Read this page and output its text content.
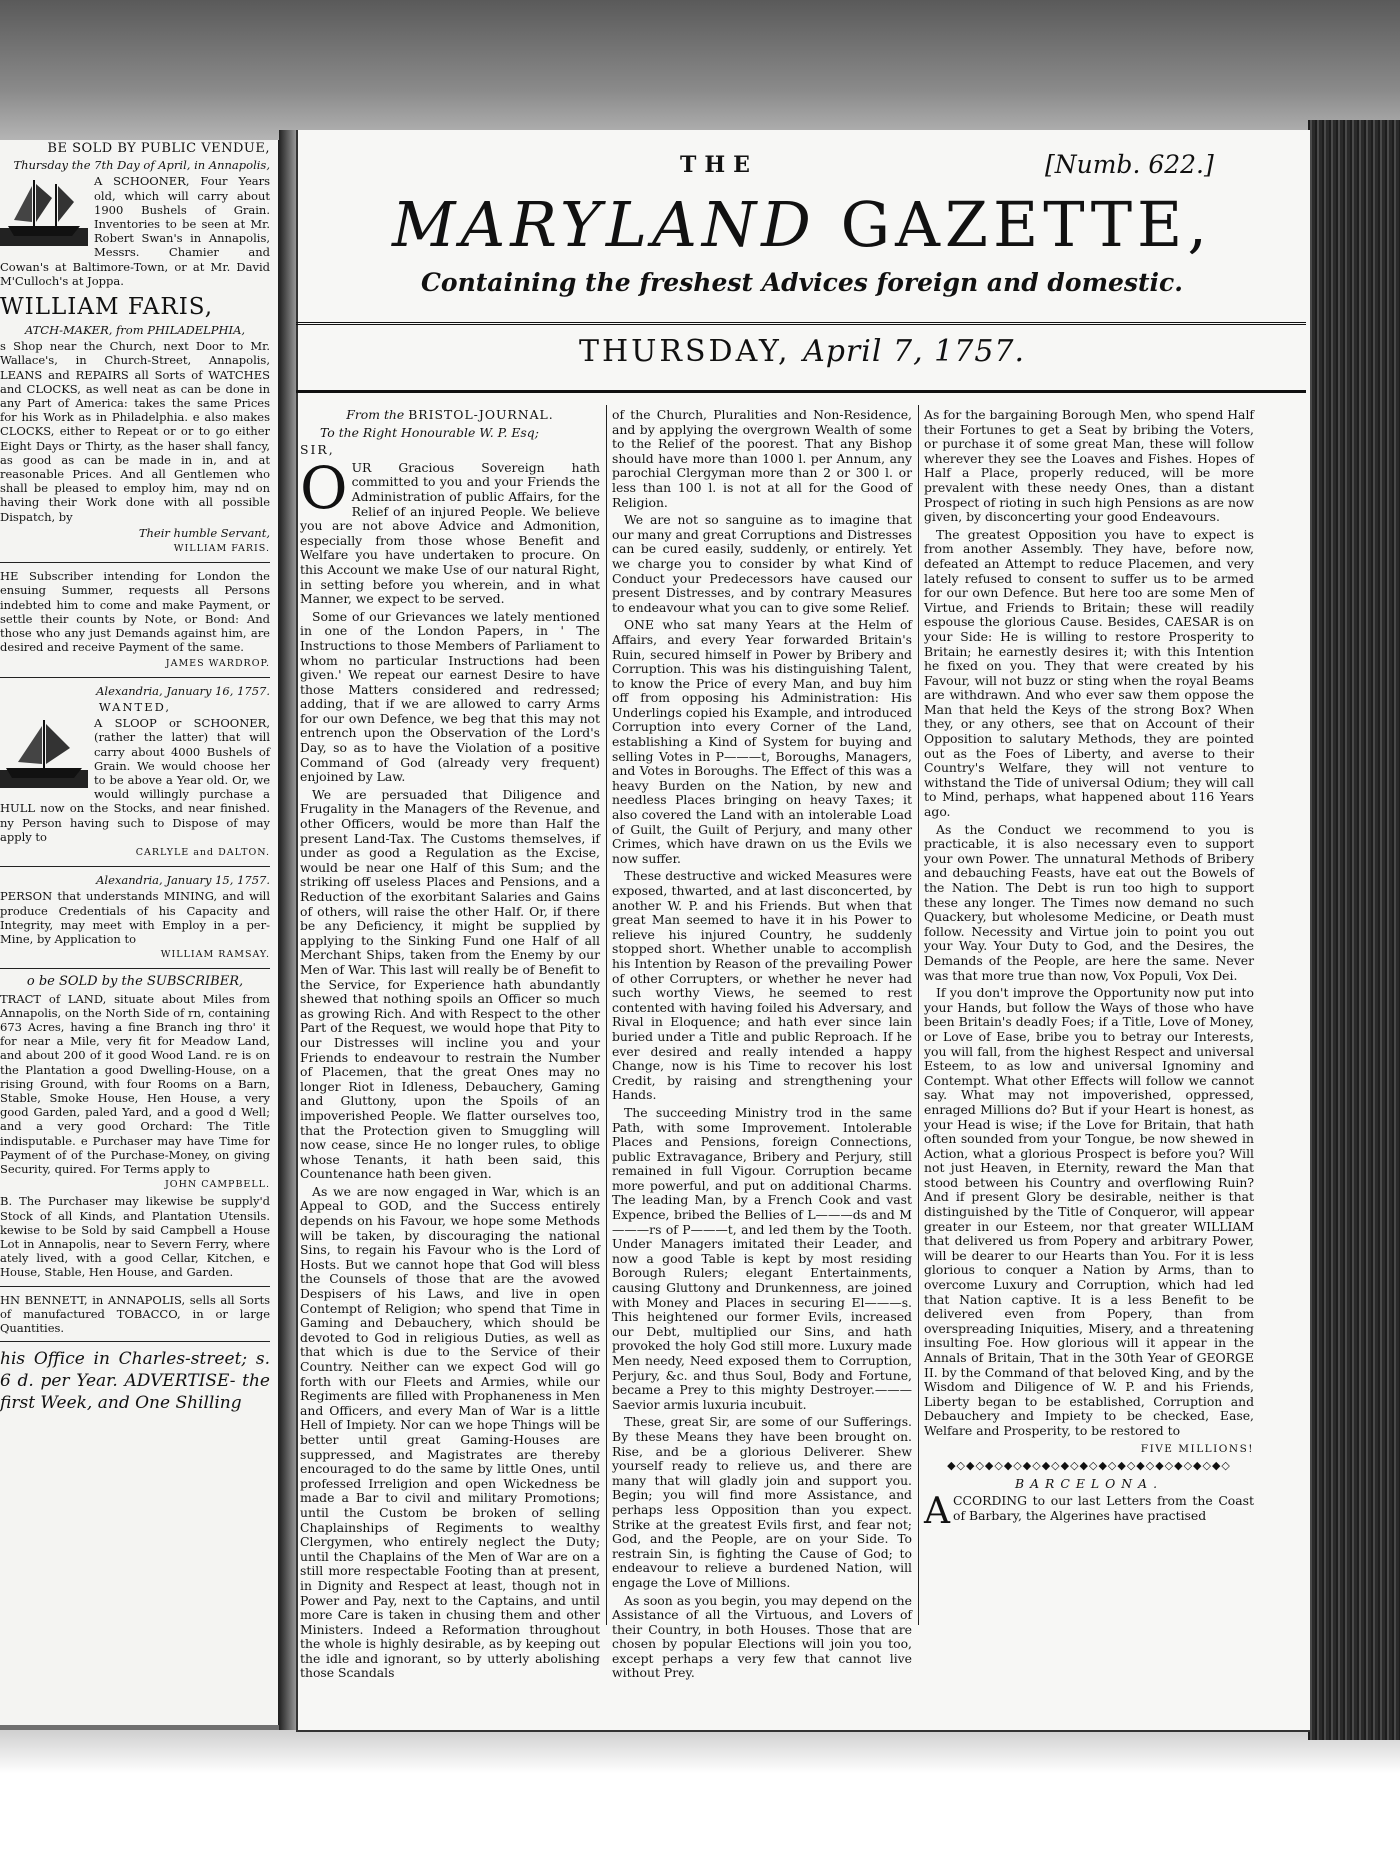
BE SOLD BY PUBLIC VENDUE,

Thursday the 7th Day of April, in Annapolis,

A SCHOONER, Four Years old, which will carry about 1900 Bushels of Grain. Inventories to be seen at Mr. Robert Swan's in Annapolis, Messrs. Chamier and Cowan's at Baltimore-Town, or at Mr. David M'Culloch's at Joppa.

WILLIAM FARIS,

ATCH-MAKER, from PHILADELPHIA,

s Shop near the Church, next Door to Mr. Wallace's, in Church-Street, Annapolis, LEANS and REPAIRS all Sorts of WATCHES and CLOCKS, as well neat as can be done in any Part of America: takes the same Prices for his Work as in Philadelphia. e also makes CLOCKS, either to Repeat or or to go either Eight Days or Thirty, as the haser shall fancy, as good as can be made in in, and at reasonable Prices. And all Gentlemen who shall be pleased to employ him, may nd on having their Work done with all possible Dispatch, by

Their humble Servant,

WILLIAM FARIS.

HE Subscriber intending for London the ensuing Summer, requests all Persons indebted him to come and make Payment, or settle their counts by Note, or Bond: And those who any just Demands against him, are desired and receive Payment of the same.

JAMES WARDROP.

Alexandria, January 16, 1757.

WANTED,

A SLOOP or SCHOONER, (rather the latter) that will carry about 4000 Bushels of Grain. We would choose her to be above a Year old. Or, we would willingly purchase a HULL now on the Stocks, and near finished. ny Person having such to Dispose of may apply to

CARLYLE and DALTON.

Alexandria, January 15, 1757.

PERSON that understands MINING, and will produce Credentials of his Capacity and Integrity, may meet with Employ in a per-Mine, by Application to

WILLIAM RAMSAY.

o be SOLD by the SUBSCRIBER,

TRACT of LAND, situate about Miles from Annapolis, on the North Side of rn, containing 673 Acres, having a fine Branch ing thro' it for near a Mile, very fit for Meadow Land, and about 200 of it good Wood Land. re is on the Plantation a good Dwelling-House, on a rising Ground, with four Rooms on a Barn, Stable, Smoke House, Hen House, a very good Garden, paled Yard, and a good d Well; and a very good Orchard: The Title indisputable. e Purchaser may have Time for Payment of of the Purchase-Money, on giving Security, quired. For Terms apply to

JOHN CAMPBELL.

B. The Purchaser may likewise be supply'd Stock of all Kinds, and Plantation Utensils. kewise to be Sold by said Campbell a House Lot in Annapolis, near to Severn Ferry, where ately lived, with a good Cellar, Kitchen, e House, Stable, Hen House, and Garden.

HN BENNETT, in ANNAPOLIS, sells all Sorts of manufactured TOBACCO, in or large Quantities.

his Office in Charles-street; s. 6 d. per Year. ADVERTISE- the first Week, and One Shilling

THE	[Numb. 622.]
MARYLAND GAZETTE,
Containing the freshest Advices foreign and domestic.
THURSDAY, April 7, 1757.

From the BRISTOL-JOURNAL.

To the Right Honourable W. P. Esq;

SIR,

O UR Gracious Sovereign hath committed to you and your Friends the Administration of public Affairs, for the Relief of an injured People. We believe you are not above Advice and Admonition, especially from those whose Benefit and Welfare you have undertaken to procure. On this Account we make Use of our natural Right, in setting before you wherein, and in what Manner, we expect to be served.

Some of our Grievances we lately mentioned in one of the London Papers, in ' The Instructions to those Members of Parliament to whom no particular Instructions had been given.' We repeat our earnest Desire to have those Matters considered and redressed; adding, that if we are allowed to carry Arms for our own Defence, we beg that this may not entrench upon the Observation of the Lord's Day, so as to have the Violation of a positive Command of God (already very frequent) enjoined by Law.

We are persuaded that Diligence and Frugality in the Managers of the Revenue, and other Officers, would be more than Half the present Land-Tax. The Customs themselves, if under as good a Regulation as the Excise, would be near one Half of this Sum; and the striking off useless Places and Pensions, and a Reduction of the exorbitant Salaries and Gains of others, will raise the other Half. Or, if there be any Deficiency, it might be supplied by applying to the Sinking Fund one Half of all Merchant Ships, taken from the Enemy by our Men of War. This last will really be of Benefit to the Service, for Experience hath abundantly shewed that nothing spoils an Officer so much as growing Rich. And with Respect to the other Part of the Request, we would hope that Pity to our Distresses will incline you and your Friends to endeavour to restrain the Number of Placemen, that the great Ones may no longer Riot in Idleness, Debauchery, Gaming and Gluttony, upon the Spoils of an impoverished People. We flatter ourselves too, that the Protection given to Smuggling will now cease, since He no longer rules, to oblige whose Tenants, it hath been said, this Countenance hath been given.

As we are now engaged in War, which is an Appeal to GOD, and the Success entirely depends on his Favour, we hope some Methods will be taken, by discouraging the national Sins, to regain his Favour who is the Lord of Hosts. But we cannot hope that God will bless the Counsels of those that are the avowed Despisers of his Laws, and live in open Contempt of Religion; who spend that Time in Gaming and Debauchery, which should be devoted to God in religious Duties, as well as that which is due to the Service of their Country. Neither can we expect God will go forth with our Fleets and Armies, while our Regiments are filled with Prophaneness in Men and Officers, and every Man of War is a little Hell of Impiety. Nor can we hope Things will be better until great Gaming-Houses are suppressed, and Magistrates are thereby encouraged to do the same by little Ones, until professed Irreligion and open Wickedness be made a Bar to civil and military Promotions; until the Custom be broken of selling Chaplainships of Regiments to wealthy Clergymen, who entirely neglect the Duty; until the Chaplains of the Men of War are on a still more respectable Footing than at present, in Dignity and Respect at least, though not in Power and Pay, next to the Captains, and until more Care is taken in chusing them and other Ministers. Indeed a Reformation throughout the whole is highly desirable, as by keeping out the idle and ignorant, so by utterly abolishing those Scandals

of the Church, Pluralities and Non-Residence, and by applying the overgrown Wealth of some to the Relief of the poorest. That any Bishop should have more than 1000 l. per Annum, any parochial Clergyman more than 2 or 300 l. or less than 100 l. is not at all for the Good of Religion.

We are not so sanguine as to imagine that our many and great Corruptions and Distresses can be cured easily, suddenly, or entirely. Yet we charge you to consider by what Kind of Conduct your Predecessors have caused our present Distresses, and by contrary Measures to endeavour what you can to give some Relief.

ONE who sat many Years at the Helm of Affairs, and every Year forwarded Britain's Ruin, secured himself in Power by Bribery and Corruption. This was his distinguishing Talent, to know the Price of every Man, and buy him off from opposing his Administration: His Underlings copied his Example, and introduced Corruption into every Corner of the Land, establishing a Kind of System for buying and selling Votes in P———t, Boroughs, Managers, and Votes in Boroughs. The Effect of this was a heavy Burden on the Nation, by new and needless Places bringing on heavy Taxes; it also covered the Land with an intolerable Load of Guilt, the Guilt of Perjury, and many other Crimes, which have drawn on us the Evils we now suffer.

These destructive and wicked Measures were exposed, thwarted, and at last disconcerted, by another W. P. and his Friends. But when that great Man seemed to have it in his Power to relieve his injured Country, he suddenly stopped short. Whether unable to accomplish his Intention by Reason of the prevailing Power of other Corrupters, or whether he never had such worthy Views, he seemed to rest contented with having foiled his Adversary, and Rival in Eloquence; and hath ever since lain buried under a Title and public Reproach. If he ever desired and really intended a happy Change, now is his Time to recover his lost Credit, by raising and strengthening your Hands.

The succeeding Ministry trod in the same Path, with some Improvement. Intolerable Places and Pensions, foreign Connections, public Extravagance, Bribery and Perjury, still remained in full Vigour. Corruption became more powerful, and put on additional Charms. The leading Man, by a French Cook and vast Expence, bribed the Bellies of L———ds and M———rs of P———t, and led them by the Tooth. Under Managers imitated their Leader, and now a good Table is kept by most residing Borough Rulers; elegant Entertainments, causing Gluttony and Drunkenness, are joined with Money and Places in securing El———s. This heightened our former Evils, increased our Debt, multiplied our Sins, and hath provoked the holy God still more. Luxury made Men needy, Need exposed them to Corruption, Perjury, &c. and thus Soul, Body and Fortune, became a Prey to this mighty Destroyer.——— Saevior armis luxuria incubuit.

These, great Sir, are some of our Sufferings. By these Means they have been brought on. Rise, and be a glorious Deliverer. Shew yourself ready to relieve us, and there are many that will gladly join and support you. Begin; you will find more Assistance, and perhaps less Opposition than you expect. Strike at the greatest Evils first, and fear not; God, and the People, are on your Side. To restrain Sin, is fighting the Cause of God; to endeavour to relieve a burdened Nation, will engage the Love of Millions.

As soon as you begin, you may depend on the Assistance of all the Virtuous, and Lovers of their Country, in both Houses. Those that are chosen by popular Elections will join you too, except perhaps a very few that cannot live without Prey.

As for the bargaining Borough Men, who spend Half their Fortunes to get a Seat by bribing the Voters, or purchase it of some great Man, these will follow wherever they see the Loaves and Fishes. Hopes of Half a Place, properly reduced, will be more prevalent with these needy Ones, than a distant Prospect of rioting in such high Pensions as are now given, by disconcerting your good Endeavours.

The greatest Opposition you have to expect is from another Assembly. They have, before now, defeated an Attempt to reduce Placemen, and very lately refused to consent to suffer us to be armed for our own Defence. But here too are some Men of Virtue, and Friends to Britain; these will readily espouse the glorious Cause. Besides, CAESAR is on your Side: He is willing to restore Prosperity to Britain; he earnestly desires it; with this Intention he fixed on you. They that were created by his Favour, will not buzz or sting when the royal Beams are withdrawn. And who ever saw them oppose the Man that held the Keys of the strong Box? When they, or any others, see that on Account of their Opposition to salutary Methods, they are pointed out as the Foes of Liberty, and averse to their Country's Welfare, they will not venture to withstand the Tide of universal Odium; they will call to Mind, perhaps, what happened about 116 Years ago.

As the Conduct we recommend to you is practicable, it is also necessary even to support your own Power. The unnatural Methods of Bribery and debauching Feasts, have eat out the Bowels of the Nation. The Debt is run too high to support these any longer. The Times now demand no such Quackery, but wholesome Medicine, or Death must follow. Necessity and Virtue join to point you out your Way. Your Duty to God, and the Desires, the Demands of the People, are here the same. Never was that more true than now, Vox Populi, Vox Dei.

If you don't improve the Opportunity now put into your Hands, but follow the Ways of those who have been Britain's deadly Foes; if a Title, Love of Money, or Love of Ease, bribe you to betray our Interests, you will fall, from the highest Respect and universal Esteem, to as low and universal Ignominy and Contempt. What other Effects will follow we cannot say. What may not impoverished, oppressed, enraged Millions do? But if your Heart is honest, as your Head is wise; if the Love for Britain, that hath often sounded from your Tongue, be now shewed in Action, what a glorious Prospect is before you? Will not just Heaven, in Eternity, reward the Man that stood between his Country and overflowing Ruin? And if present Glory be desirable, neither is that distinguished by the Title of Conqueror, will appear greater in our Esteem, nor that greater WILLIAM that delivered us from Popery and arbitrary Power, will be dearer to our Hearts than You. For it is less glorious to conquer a Nation by Arms, than to overcome Luxury and Corruption, which had led that Nation captive. It is a less Benefit to be delivered even from Popery, than from overspreading Iniquities, Misery, and a threatening insulting Foe. How glorious will it appear in the Annals of Britain, That in the 30th Year of GEORGE II. by the Command of that beloved King, and by the Wisdom and Diligence of W. P. and his Friends, Liberty began to be established, Corruption and Debauchery and Impiety to be checked, Ease, Welfare and Prosperity, to be restored to

FIVE MILLIONS!

◆◇◆◇◆◇◆◇◆◇◆◇◆◇◆◇◆◇◆◇◆◇◆◇◆◇◆◇◆◇

BARCELONA.

A CCORDING to our last Letters from the Coast of Barbary, the Algerines have practised
